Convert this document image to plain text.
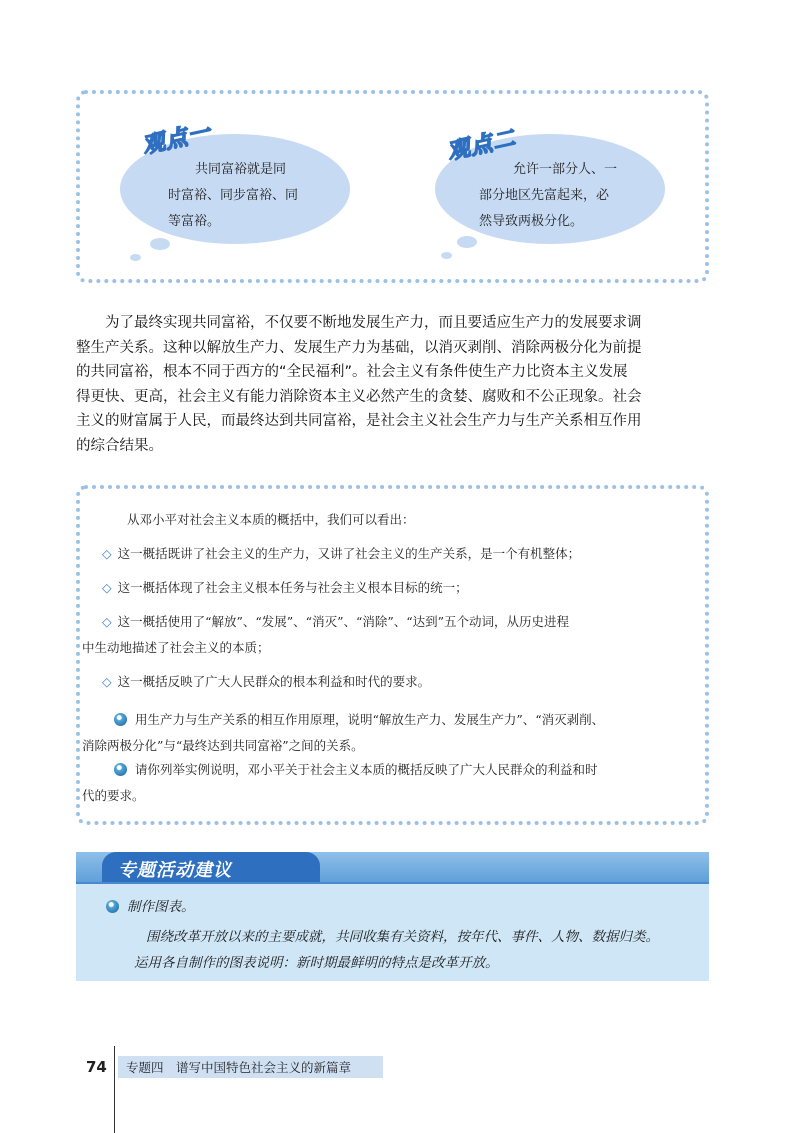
观点一
共同富裕就是同
时富裕、同步富裕、同
等富裕。
观点二
允许一部分人、一
部分地区先富起来，必
然导致两极分化。
为了最终实现共同富裕，不仅要不断地发展生产力，而且要适应生产力的发展要求调
整生产关系。这种以解放生产力、发展生产力为基础，以消灭剥削、消除两极分化为前提
的共同富裕，根本不同于西方的“全民福利”。社会主义有条件使生产力比资本主义发展
得更快、更高，社会主义有能力消除资本主义必然产生的贪婪、腐败和不公正现象。社会
主义的财富属于人民，而最终达到共同富裕，是社会主义社会生产力与生产关系相互作用
的综合结果。
从邓小平对社会主义本质的概括中，我们可以看出：
◇ 这一概括既讲了社会主义的生产力，又讲了社会主义的生产关系，是一个有机整体；
◇ 这一概括体现了社会主义根本任务与社会主义根本目标的统一；
◇ 这一概括使用了“解放”、“发展”、“消灭”、“消除”、“达到”五个动词，从历史进程
中生动地描述了社会主义的本质；
◇ 这一概括反映了广大人民群众的根本利益和时代的要求。
用生产力与生产关系的相互作用原理，说明“解放生产力、发展生产力”、“消灭剥削、
消除两极分化”与“最终达到共同富裕”之间的关系。
请你列举实例说明，邓小平关于社会主义本质的概括反映了广大人民群众的利益和时
代的要求。
专题活动建议
制作图表。
围绕改革开放以来的主要成就，共同收集有关资料，按年代、事件、人物、数据归类。
运用各自制作的图表说明：新时期最鲜明的特点是改革开放。
74 专题四　谱写中国特色社会主义的新篇章
